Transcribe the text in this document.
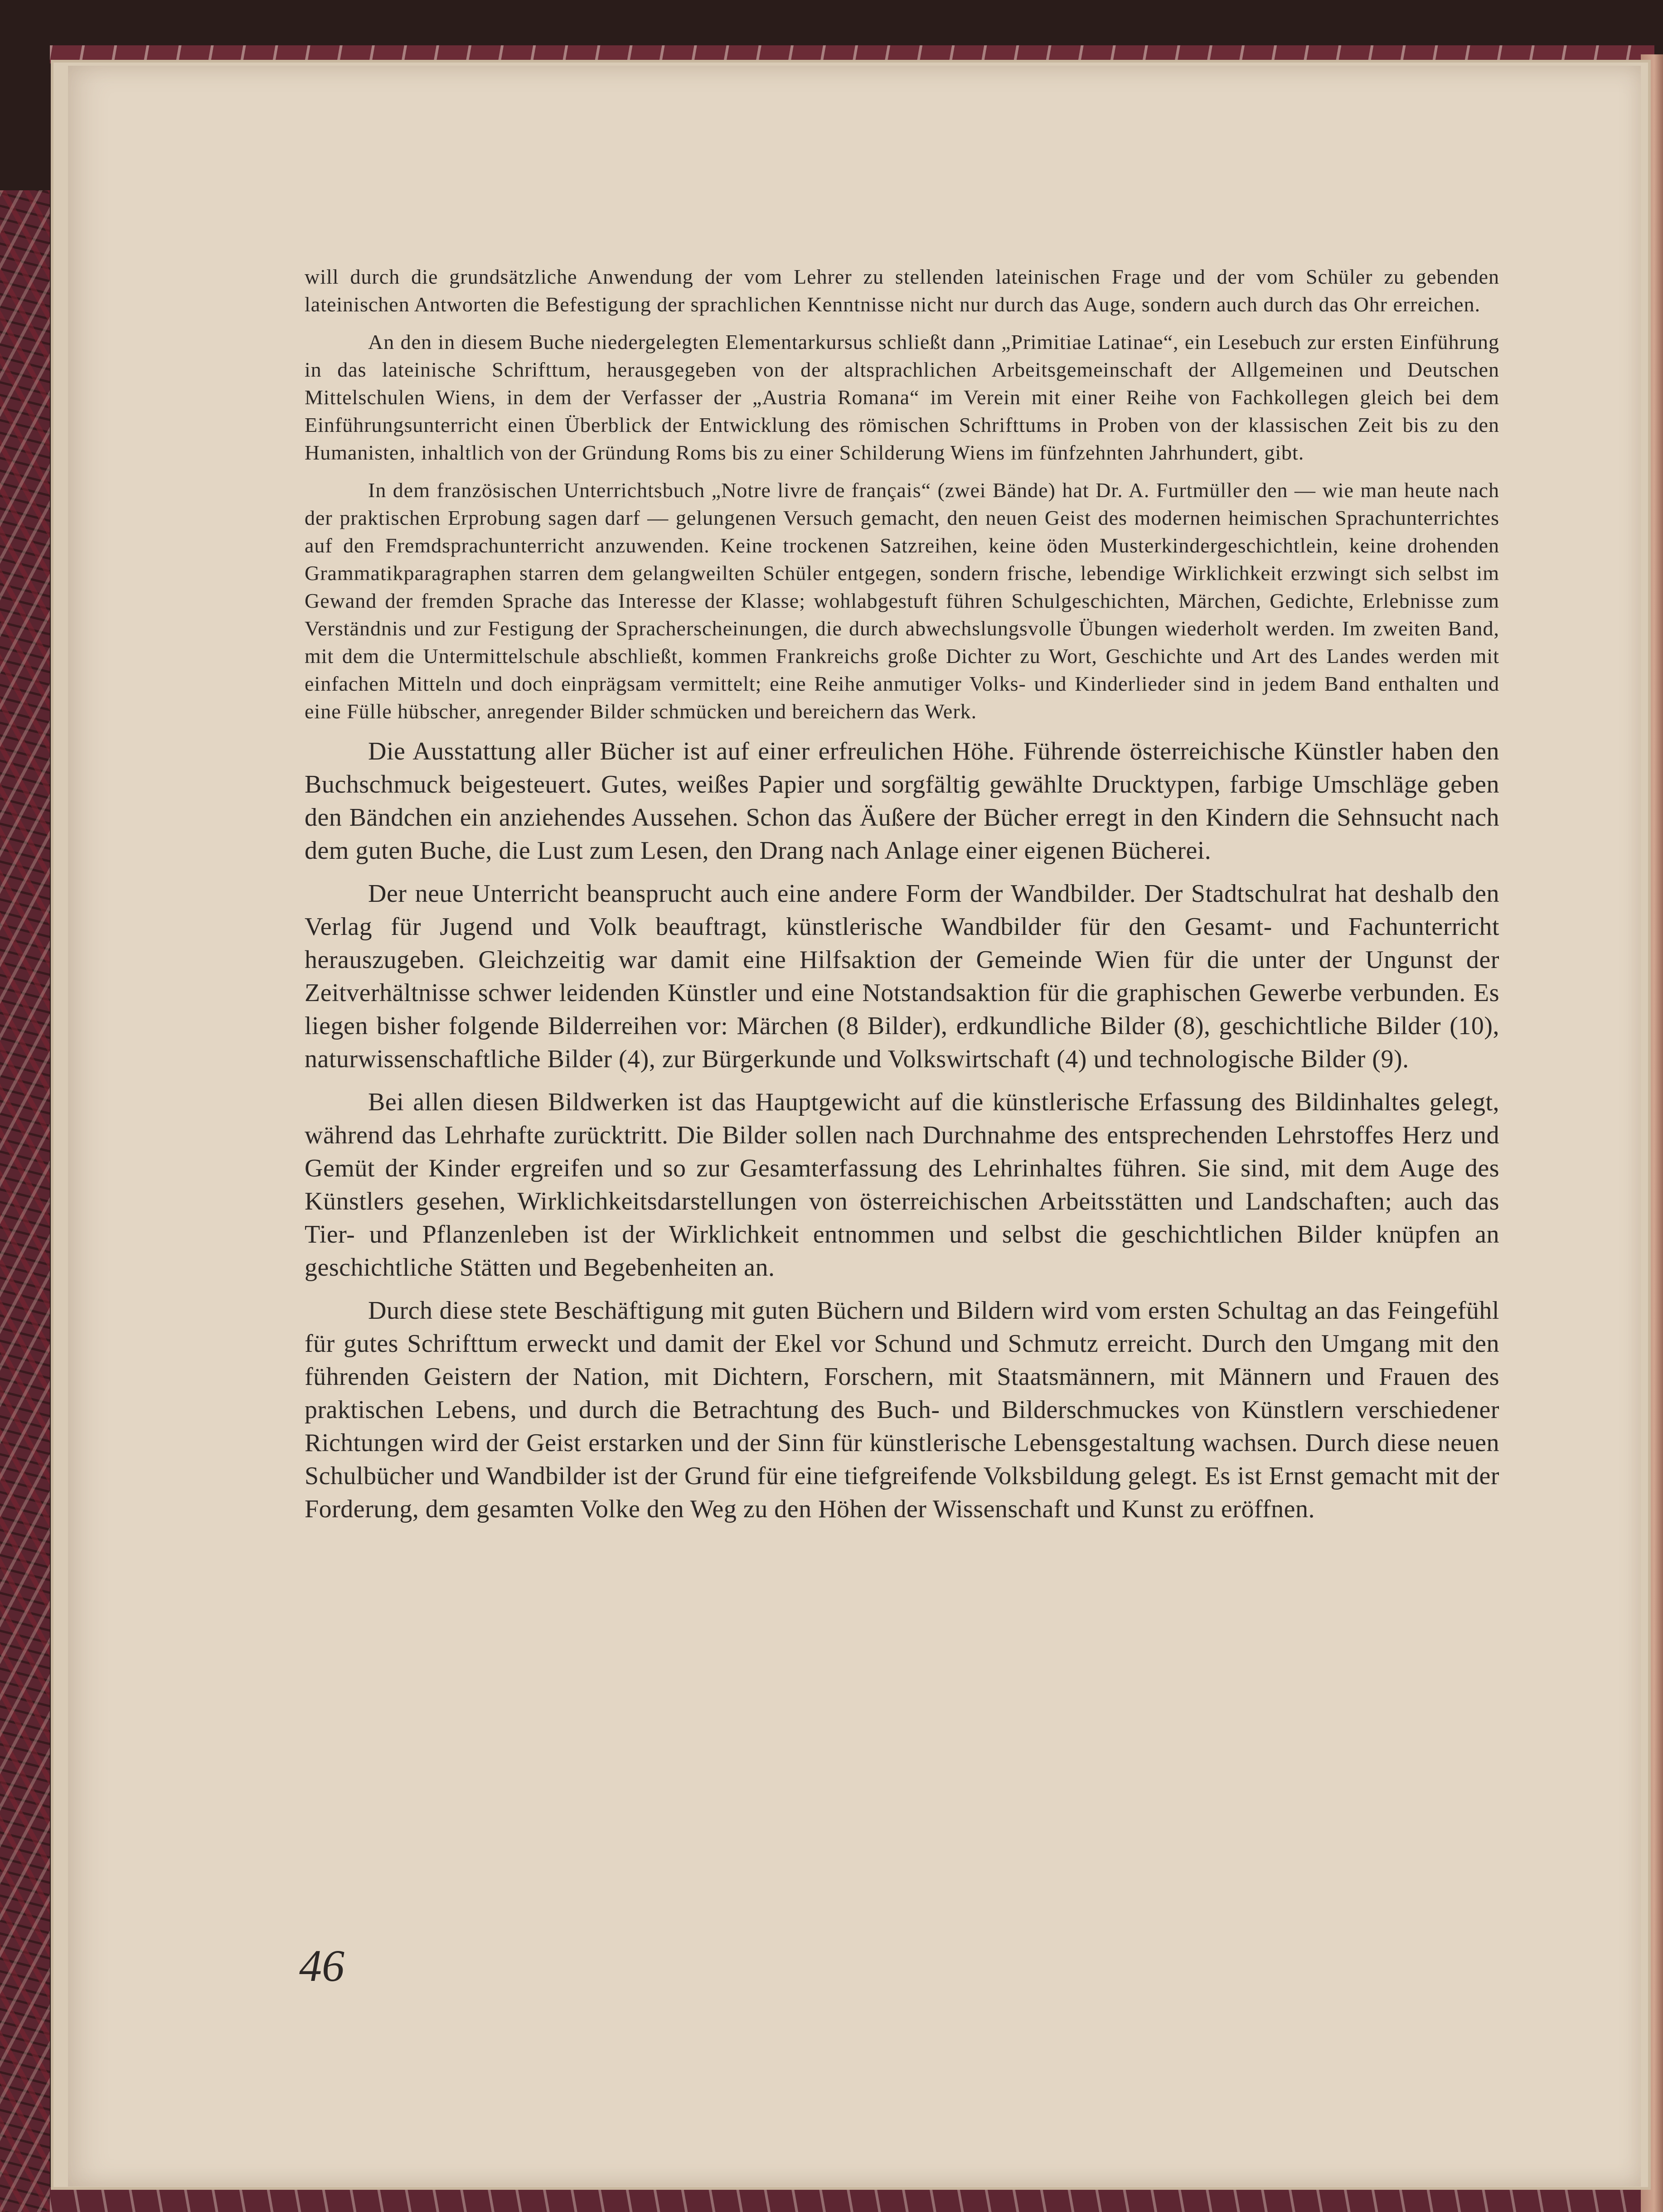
will durch die grundsätzliche Anwendung der vom Lehrer zu stellenden lateinischen Frage und der vom Schüler zu gebenden lateinischen Antworten die Befestigung der sprachlichen Kenntnisse nicht nur durch das Auge, sondern auch durch das Ohr erreichen.

An den in diesem Buche niedergelegten Elementarkursus schließt dann „Primitiae Latinae“, ein Lesebuch zur ersten Einführung in das lateinische Schrifttum, herausgegeben von der altsprachlichen Arbeitsgemeinschaft der Allgemeinen und Deutschen Mittelschulen Wiens, in dem der Verfasser der „Austria Romana“ im Verein mit einer Reihe von Fachkollegen gleich bei dem Einführungsunterricht einen Überblick der Entwicklung des römischen Schrifttums in Proben von der klassischen Zeit bis zu den Humanisten, inhaltlich von der Gründung Roms bis zu einer Schilderung Wiens im fünfzehnten Jahrhundert, gibt.

In dem französischen Unterrichtsbuch „Notre livre de français“ (zwei Bände) hat Dr. A. Furtmüller den — wie man heute nach der praktischen Erprobung sagen darf — gelungenen Versuch gemacht, den neuen Geist des modernen heimischen Sprachunterrichtes auf den Fremdsprachunterricht anzuwenden. Keine trockenen Satzreihen, keine öden Musterkindergeschichtlein, keine drohenden Grammatikparagraphen starren dem gelangweilten Schüler entgegen, sondern frische, lebendige Wirklichkeit erzwingt sich selbst im Gewand der fremden Sprache das Interesse der Klasse; wohlabgestuft führen Schulgeschichten, Märchen, Gedichte, Erlebnisse zum Verständnis und zur Festigung der Spracherscheinungen, die durch abwechslungsvolle Übungen wiederholt werden. Im zweiten Band, mit dem die Untermittelschule abschließt, kommen Frankreichs große Dichter zu Wort, Geschichte und Art des Landes werden mit einfachen Mitteln und doch einprägsam vermittelt; eine Reihe anmutiger Volks- und Kinderlieder sind in jedem Band enthalten und eine Fülle hübscher, anregender Bilder schmücken und bereichern das Werk.

Die Ausstattung aller Bücher ist auf einer erfreulichen Höhe. Führende österreichische Künstler haben den Buchschmuck beigesteuert. Gutes, weißes Papier und sorgfältig gewählte Drucktypen, farbige Umschläge geben den Bändchen ein anziehendes Aussehen. Schon das Äußere der Bücher erregt in den Kindern die Sehnsucht nach dem guten Buche, die Lust zum Lesen, den Drang nach Anlage einer eigenen Bücherei.

Der neue Unterricht beansprucht auch eine andere Form der Wandbilder. Der Stadtschulrat hat deshalb den Verlag für Jugend und Volk beauftragt, künstlerische Wandbilder für den Gesamt- und Fachunterricht herauszugeben. Gleichzeitig war damit eine Hilfsaktion der Gemeinde Wien für die unter der Ungunst der Zeitverhältnisse schwer leidenden Künstler und eine Notstandsaktion für die graphischen Gewerbe verbunden. Es liegen bisher folgende Bilderreihen vor: Märchen (8 Bilder), erdkundliche Bilder (8), geschichtliche Bilder (10), naturwissenschaftliche Bilder (4), zur Bürgerkunde und Volkswirtschaft (4) und technologische Bilder (9).

Bei allen diesen Bildwerken ist das Hauptgewicht auf die künstlerische Erfassung des Bildinhaltes gelegt, während das Lehrhafte zurücktritt. Die Bilder sollen nach Durchnahme des entsprechenden Lehrstoffes Herz und Gemüt der Kinder ergreifen und so zur Gesamterfassung des Lehrinhaltes führen. Sie sind, mit dem Auge des Künstlers gesehen, Wirklichkeitsdarstellungen von österreichischen Arbeitsstätten und Landschaften; auch das Tier- und Pflanzenleben ist der Wirklichkeit entnommen und selbst die geschichtlichen Bilder knüpfen an geschichtliche Stätten und Begebenheiten an.

Durch diese stete Beschäftigung mit guten Büchern und Bildern wird vom ersten Schultag an das Feingefühl für gutes Schrifttum erweckt und damit der Ekel vor Schund und Schmutz erreicht. Durch den Umgang mit den führenden Geistern der Nation, mit Dichtern, Forschern, mit Staatsmännern, mit Männern und Frauen des praktischen Lebens, und durch die Betrachtung des Buch- und Bilderschmuckes von Künstlern verschiedener Richtungen wird der Geist erstarken und der Sinn für künstlerische Lebensgestaltung wachsen. Durch diese neuen Schulbücher und Wandbilder ist der Grund für eine tiefgreifende Volksbildung gelegt. Es ist Ernst gemacht mit der Forderung, dem gesamten Volke den Weg zu den Höhen der Wissenschaft und Kunst zu eröffnen.

46
